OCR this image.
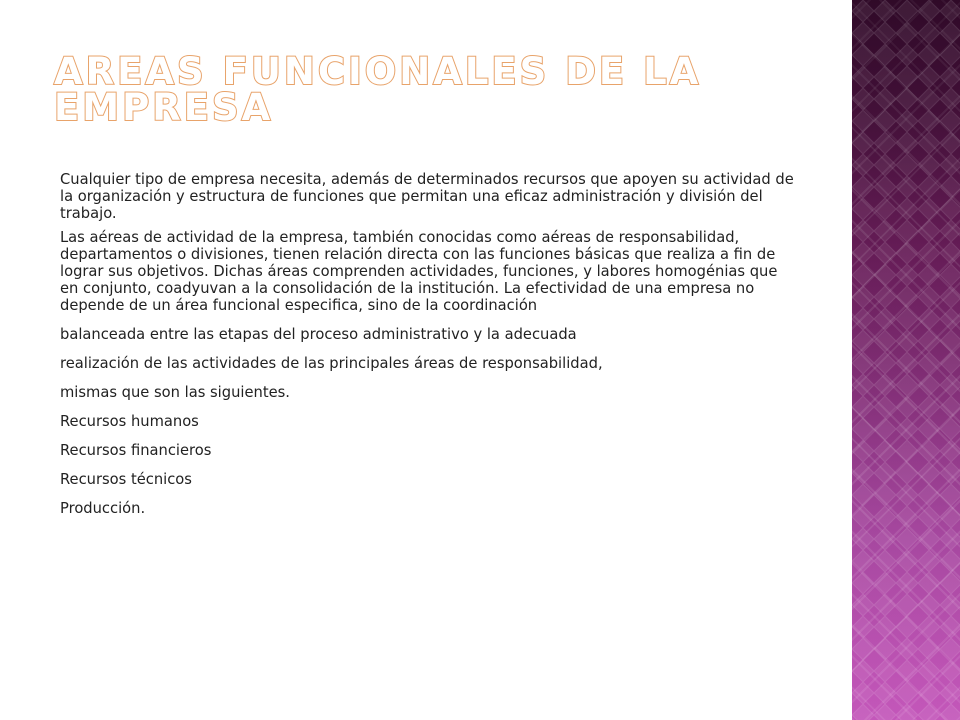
AREAS FUNCIONALES DE LA
EMPRESA

Cualquier tipo de empresa necesita, además de determinados recursos que apoyen su actividad de la organización y estructura de funciones que permitan una eficaz administración y división del trabajo.

Las aéreas de actividad de la empresa, también conocidas como aéreas de responsabilidad, departamentos o divisiones, tienen relación directa con las funciones básicas que realiza a fin de lograr sus objetivos. Dichas áreas comprenden actividades, funciones, y labores homogénias que en conjunto, coadyuvan a la consolidación de la institución. La efectividad de una empresa no depende de un área funcional especifica, sino de la coordinación

balanceada entre las etapas del proceso administrativo y la adecuada

realización de las actividades de las principales áreas de responsabilidad,

mismas que son las siguientes.

Recursos humanos

Recursos financieros

Recursos técnicos

Producción.
